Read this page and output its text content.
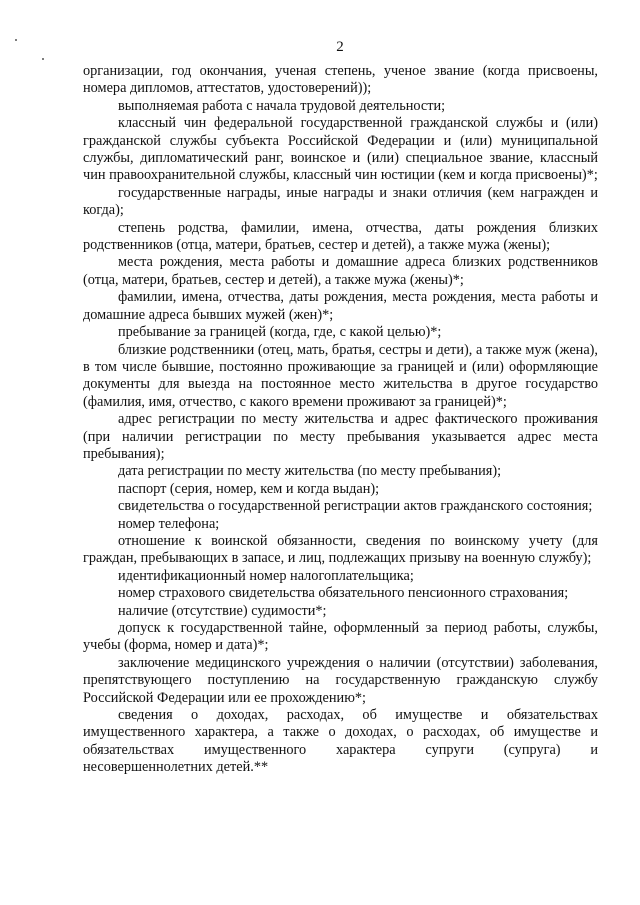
2

организации, год окончания, ученая степень, ученое звание (когда присвоены, номера дипломов, аттестатов, удостоверений));

выполняемая работа с начала трудовой деятельности;

классный чин федеральной государственной гражданской службы и (или) гражданской службы субъекта Российской Федерации и (или) муниципальной службы, дипломатический ранг, воинское и (или) специальное звание, классный чин правоохранительной службы, классный чин юстиции (кем и когда присвоены)*;

государственные награды, иные награды и знаки отличия (кем награжден и когда);

степень родства, фамилии, имена, отчества, даты рождения близких родственников (отца, матери, братьев, сестер и детей), а также мужа (жены);

места рождения, места работы и домашние адреса близких родственников (отца, матери, братьев, сестер и детей), а также мужа (жены)*;

фамилии, имена, отчества, даты рождения, места рождения, места работы и домашние адреса бывших мужей (жен)*;

пребывание за границей (когда, где, с какой целью)*;

близкие родственники (отец, мать, братья, сестры и дети), а также муж (жена), в том числе бывшие, постоянно проживающие за границей и (или) оформляющие документы для выезда на постоянное место жительства в другое государство (фамилия, имя, отчество, с какого времени проживают за границей)*;

адрес регистрации по месту жительства и адрес фактического проживания (при наличии регистрации по месту пребывания указывается адрес места пребывания);

дата регистрации по месту жительства (по месту пребывания);

паспорт (серия, номер, кем и когда выдан);

свидетельства о государственной регистрации актов гражданского состояния;

номер телефона;

отношение к воинской обязанности, сведения по воинскому учету (для граждан, пребывающих в запасе, и лиц, подлежащих призыву на военную службу);

идентификационный номер налогоплательщика;

номер страхового свидетельства обязательного пенсионного страхования;

наличие (отсутствие) судимости*;

допуск к государственной тайне, оформленный за период работы, службы, учебы (форма, номер и дата)*;

заключение медицинского учреждения о наличии (отсутствии) заболевания, препятствующего поступлению на государственную гражданскую службу Российской Федерации или ее прохождению*;

сведения о доходах, расходах, об имуществе и обязательствах имущественного характера, а также о доходах, о расходах, об имуществе и обязательствах имущественного характера супруги (супруга) и несовершеннолетних детей.**
